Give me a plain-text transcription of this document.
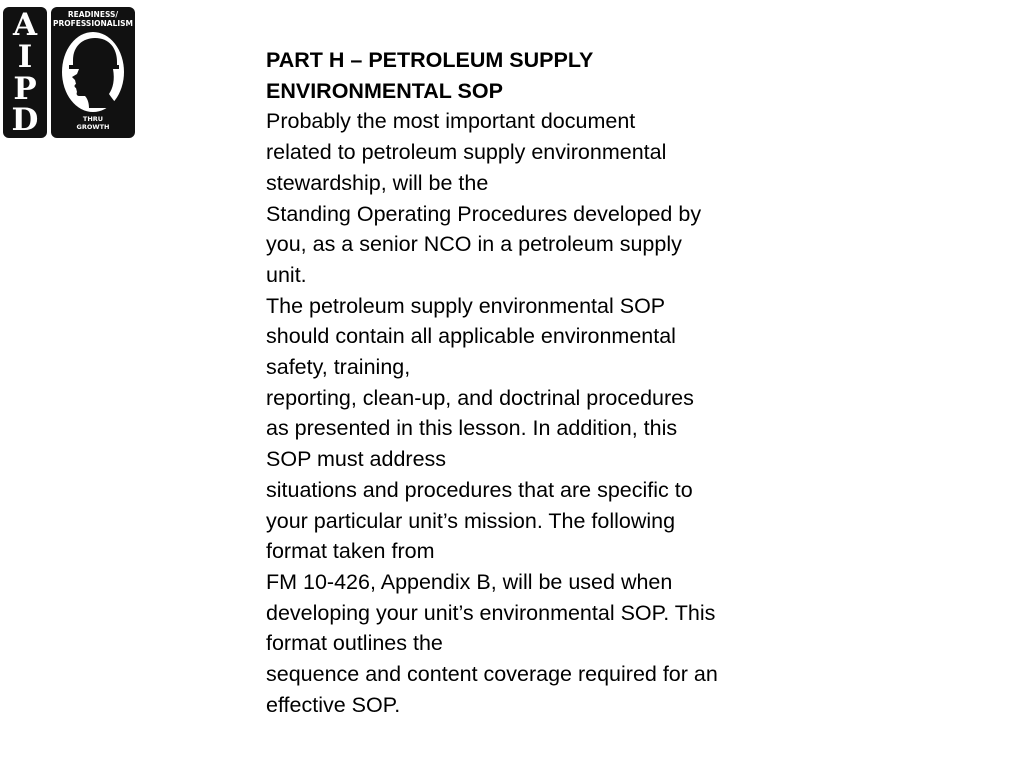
A
I
P
D
READINESS/
PROFESSIONALISM
THRU
GROWTH

PART H – PETROLEUM SUPPLY

ENVIRONMENTAL SOP

Probably the most important document

related to petroleum supply environmental

stewardship, will be the

Standing Operating Procedures developed by

you, as a senior NCO in a petroleum supply

unit.

The petroleum supply environmental SOP

should contain all applicable environmental

safety, training,

reporting, clean-up, and doctrinal procedures

as presented in this lesson. In addition, this

SOP must address

situations and procedures that are specific to

your particular unit’s mission. The following

format taken from

FM 10-426, Appendix B, will be used when

developing your unit’s environmental SOP. This

format outlines the

sequence and content coverage required for an

effective SOP.
